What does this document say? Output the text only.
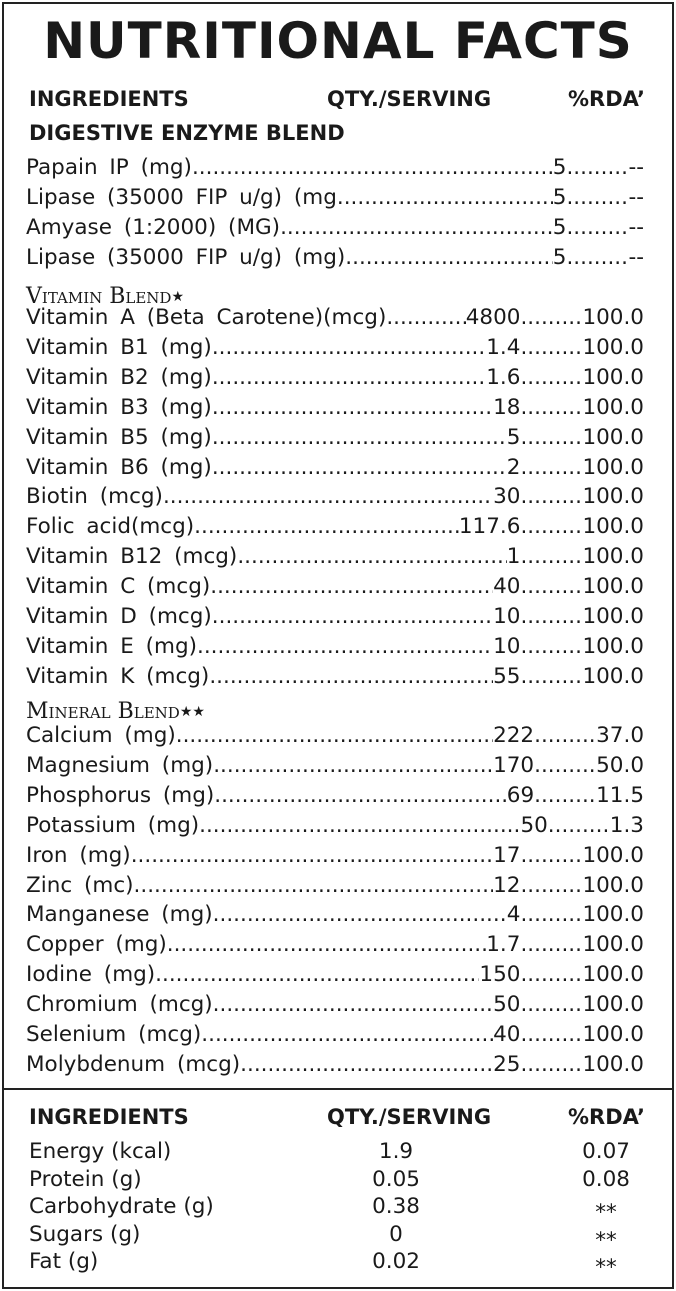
NUTRITIONAL FACTS
INGREDIENTS	QTY./SERVING	%RDA’
DIGESTIVE ENZYME BLEND
Papain IP (mg) .....	5 .....	--
Lipase (35000 FIP u/g) (mg .....	5 .....	--
Amyase (1:2000) (MG) .....	5 .....	--
Lipase (35000 FIP u/g) (mg) .....	5 .....	--
Vitamin Blend★
Vitamin A (Beta Carotene)(mcg) .....	4800 .....	100.0
Vitamin B1 (mg) .....	1.4 .....	100.0
Vitamin B2 (mg) .....	1.6 .....	100.0
Vitamin B3 (mg) .....	18 .....	100.0
Vitamin B5 (mg) .....	5 .....	100.0
Vitamin B6 (mg) .....	2 .....	100.0
Biotin (mcg) .....	30 .....	100.0
Folic acid(mcg) .....	117.6 .....	100.0
Vitamin B12 (mcg) .....	1 .....	100.0
Vitamin C (mcg) .....	40 .....	100.0
Vitamin D (mcg) .....	10 .....	100.0
Vitamin E (mg) .....	10 .....	100.0
Vitamin K (mcg) .....	55 .....	100.0
Mineral Blend★★
Calcium (mg) .....	222 .....	37.0
Magnesium (mg) .....	170 .....	50.0
Phosphorus (mg) .....	69 .....	11.5
Potassium (mg) .....	50 .....	1.3
Iron (mg) .....	17 .....	100.0
Zinc (mc) .....	12 .....	100.0
Manganese (mg) .....	4 .....	100.0
Copper (mg) .....	1.7 .....	100.0
Iodine (mg) .....	150 .....	100.0
Chromium (mcg) .....	50 .....	100.0
Selenium (mcg) .....	40 .....	100.0
Molybdenum (mcg) .....	25 .....	100.0
INGREDIENTS	QTY./SERVING	%RDA’
Energy (kcal)	1.9	0.07
Protein (g)	0.05	0.08
Carbohydrate (g)	0.38	**
Sugars (g)	0	**
Fat (g)	0.02	**
